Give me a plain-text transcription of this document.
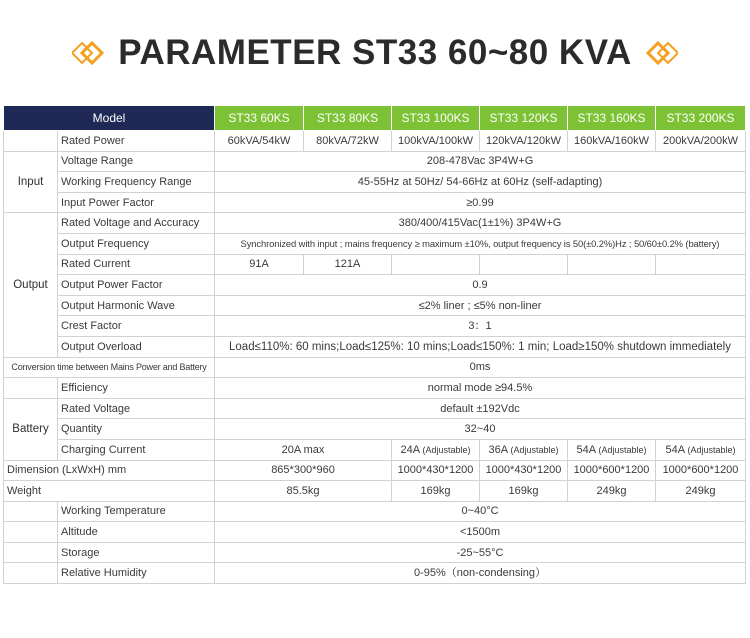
PARAMETER ST33 60~80 KVA
Model		ST33 60KS	ST33 80KS	ST33 100KS	ST33 120KS	ST33 160KS	ST33 200KS
	Rated Power	60kVA/54kW	80kVA/72kW	100kVA/100kW	120kVA/120kW	160kVA/160kW	200kVA/200kW
Input	Voltage Range	208-478Vac 3P4W+G					
	Working Frequency Range	45-55Hz at 50Hz/ 54-66Hz at 60Hz (self-adapting)					
	Input Power Factor	≥0.99					
Output	Rated Voltage and Accuracy	380/400/415Vac(1±1%) 3P4W+G					
	Output Frequency	Synchronized with input ; mains frequency ≥ maximum ±10%, output frequency is 50(±0.2%)Hz ; 50/60±0.2% (battery)					
	Rated Current	91A	121A				
	Output Power Factor	0.9					
	Output Harmonic Wave	≤2% liner ; ≤5% non-liner					
	Crest Factor	3：1					
	Output Overload	Load≤110%: 60 mins;Load≤125%: 10 mins;Load≤150%: 1 min; Load≥150% shutdown immediately					
Conversion time between Mains Power and Battery		0ms					
	Efficiency	normal mode ≥94.5%					
Battery	Rated Voltage	default ±192Vdc					
	Quantity	32~40					
	Charging Current	20A max		24A (Adjustable)	36A (Adjustable)	54A (Adjustable)	54A (Adjustable)
Dimension (LxWxH) mm		865*300*960		1000*430*1200	1000*430*1200	1000*600*1200	1000*600*1200
Weight		85.5kg		169kg	169kg	249kg	249kg
	Working Temperature	0~40°C					
	Altitude	<1500m					
	Storage	-25~55°C					
	Relative Humidity	0-95%（non-condensing）					
